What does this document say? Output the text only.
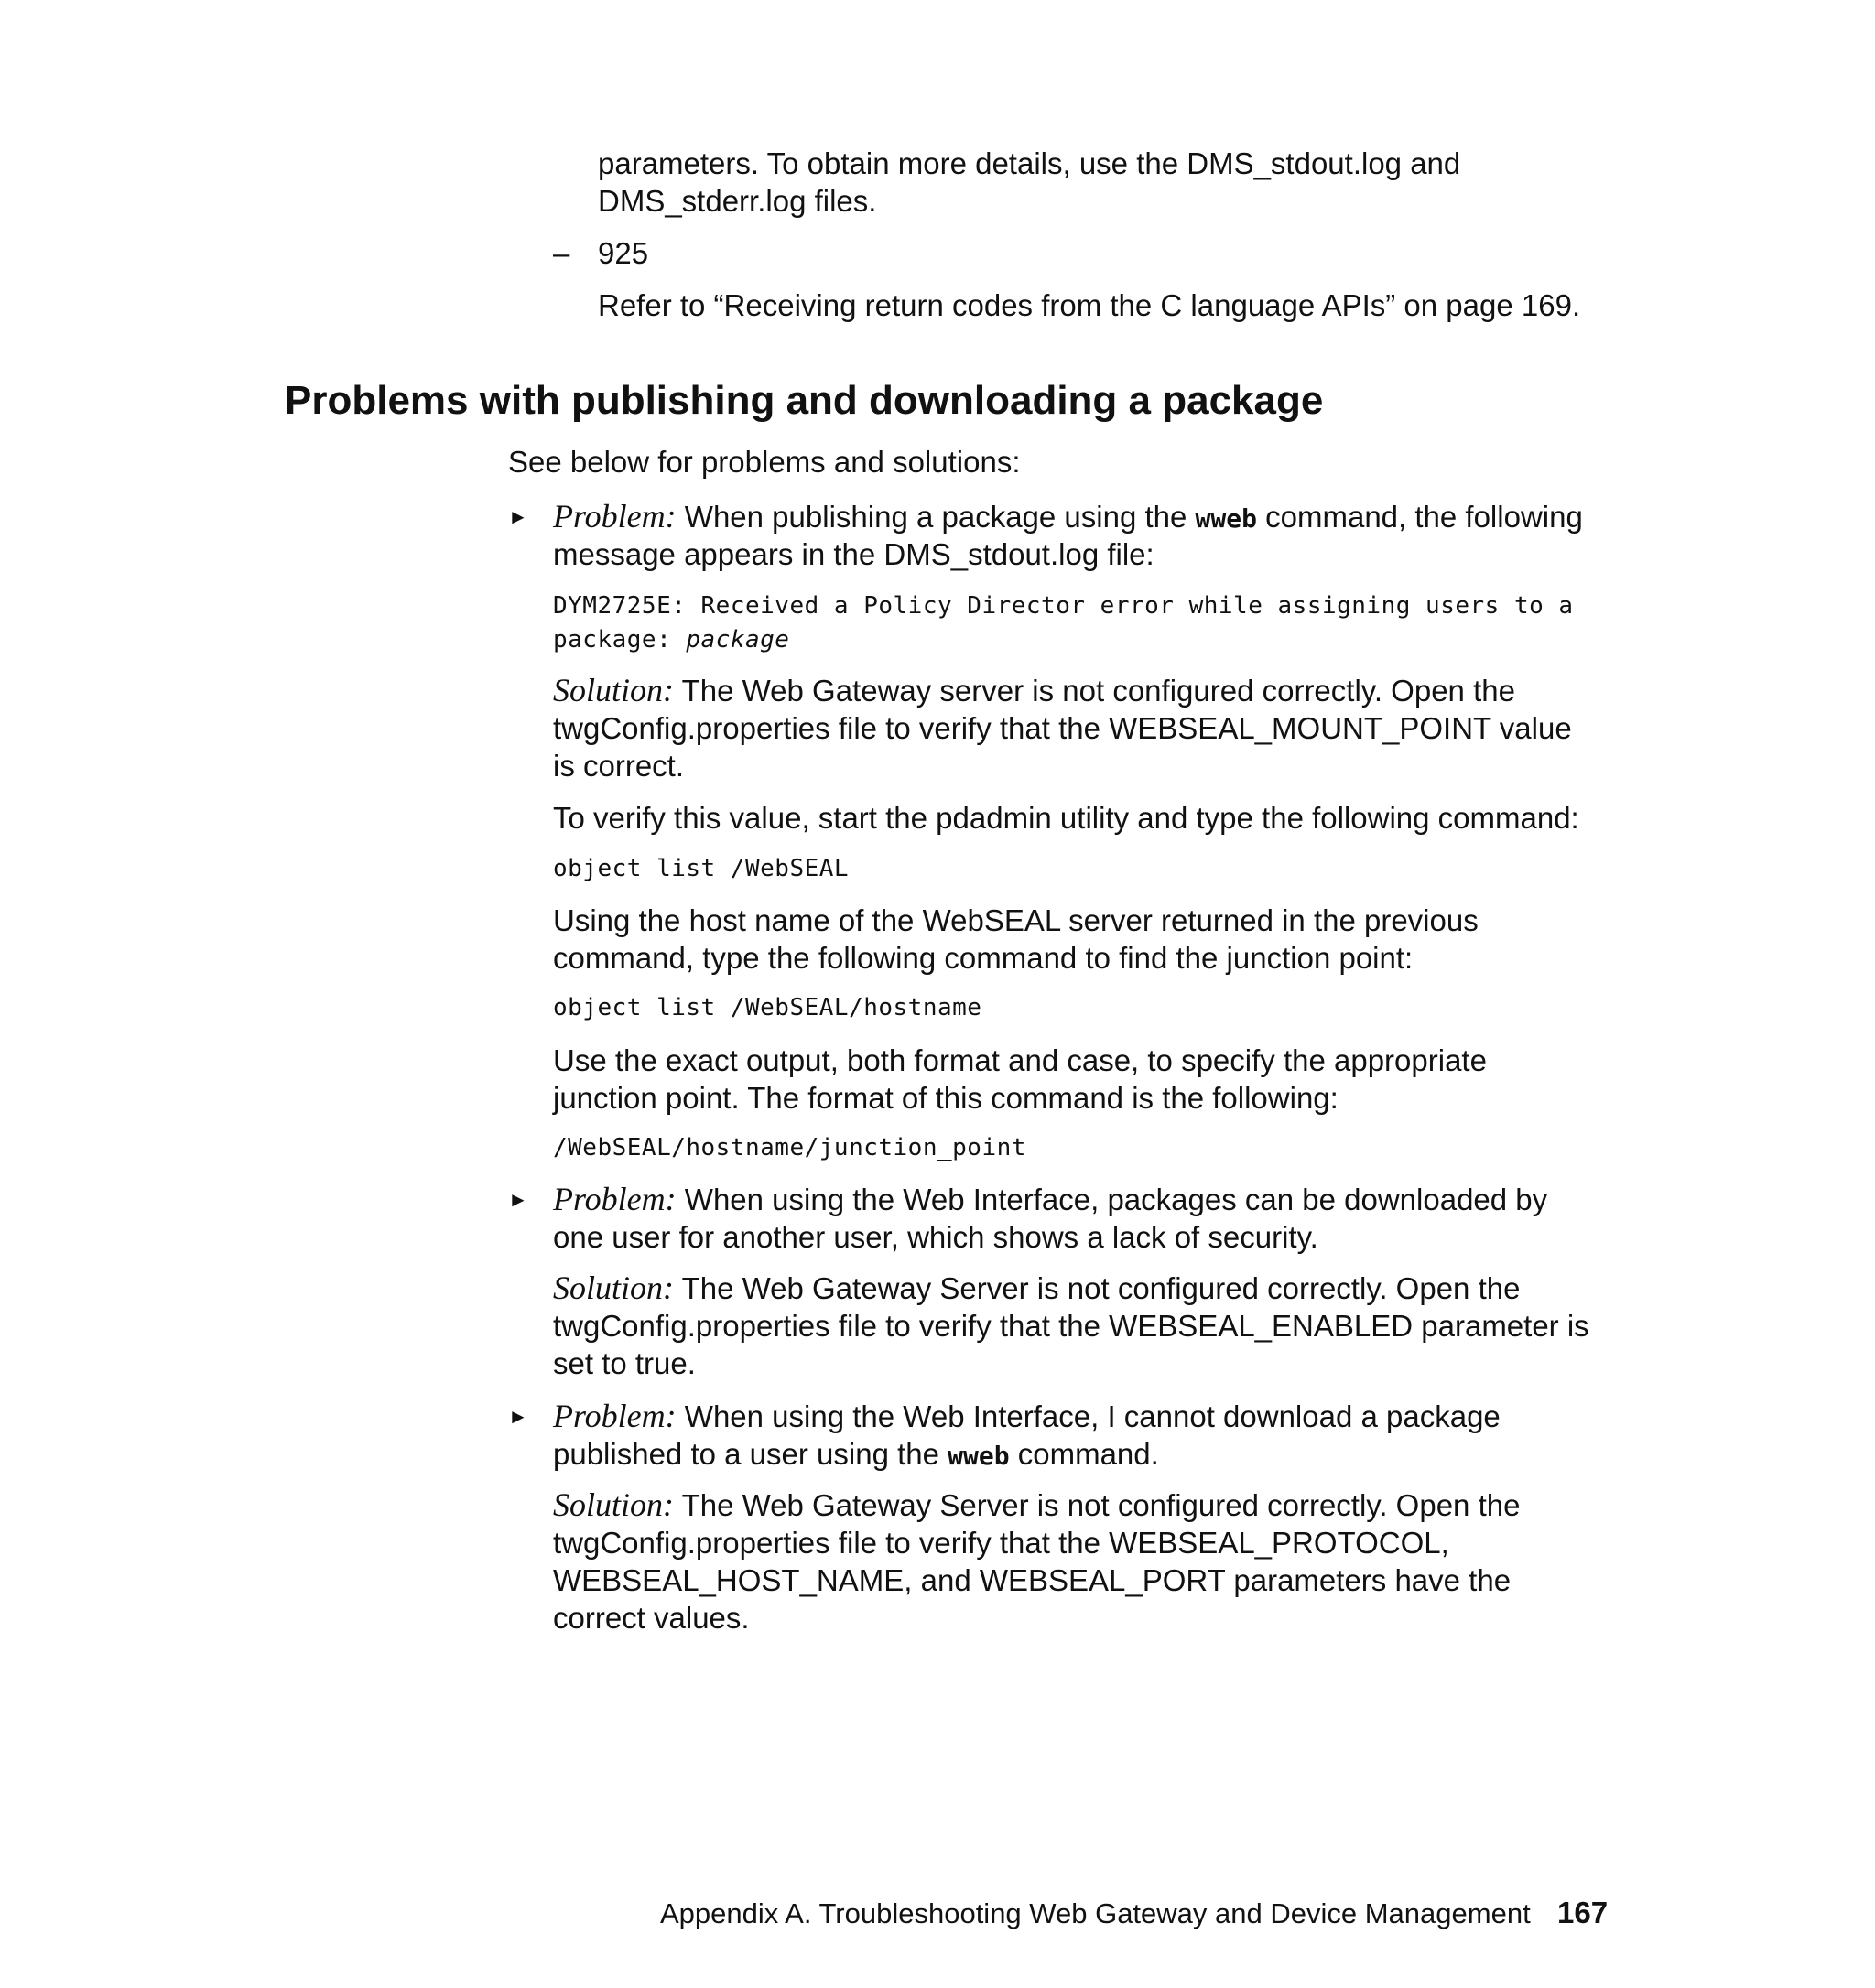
parameters. To obtain more details, use the DMS_stdout.log and

DMS_stderr.log files.

– 925

Refer to “Receiving return codes from the C language APIs” on page 169.

Problems with publishing and downloading a package

See below for problems and solutions:

► Problem: When publishing a package using the wweb command, the following

message appears in the DMS_stdout.log file:

DYM2725E: Received a Policy Director error while assigning users to a

package: package

Solution: The Web Gateway server is not configured correctly. Open the

twgConfig.properties file to verify that the WEBSEAL_MOUNT_POINT value

is correct.

To verify this value, start the pdadmin utility and type the following command:

object list /WebSEAL

Using the host name of the WebSEAL server returned in the previous

command, type the following command to find the junction point:

object list /WebSEAL/hostname

Use the exact output, both format and case, to specify the appropriate

junction point. The format of this command is the following:

/WebSEAL/hostname/junction_point

► Problem: When using the Web Interface, packages can be downloaded by

one user for another user, which shows a lack of security.

Solution: The Web Gateway Server is not configured correctly. Open the

twgConfig.properties file to verify that the WEBSEAL_ENABLED parameter is

set to true.

► Problem: When using the Web Interface, I cannot download a package

published to a user using the wweb command.

Solution: The Web Gateway Server is not configured correctly. Open the

twgConfig.properties file to verify that the WEBSEAL_PROTOCOL,

WEBSEAL_HOST_NAME, and WEBSEAL_PORT parameters have the

correct values.

Appendix A. Troubleshooting Web Gateway and Device Management 167
